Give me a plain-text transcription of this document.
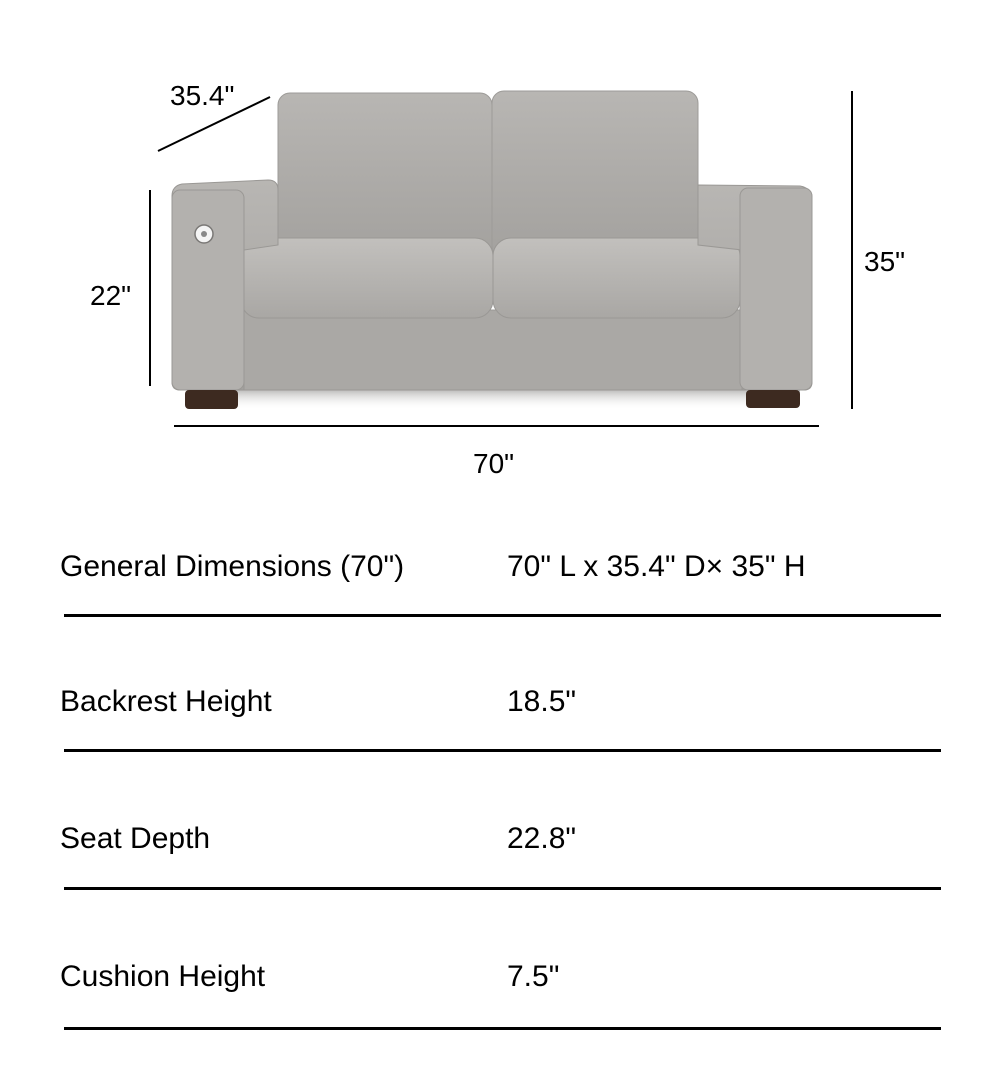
35.4"
22"
35"
70"
General Dimensions (70")	70" L x 35.4" D× 35" H
Backrest Height	18.5"
Seat Depth	22.8"
Cushion Height	7.5"
